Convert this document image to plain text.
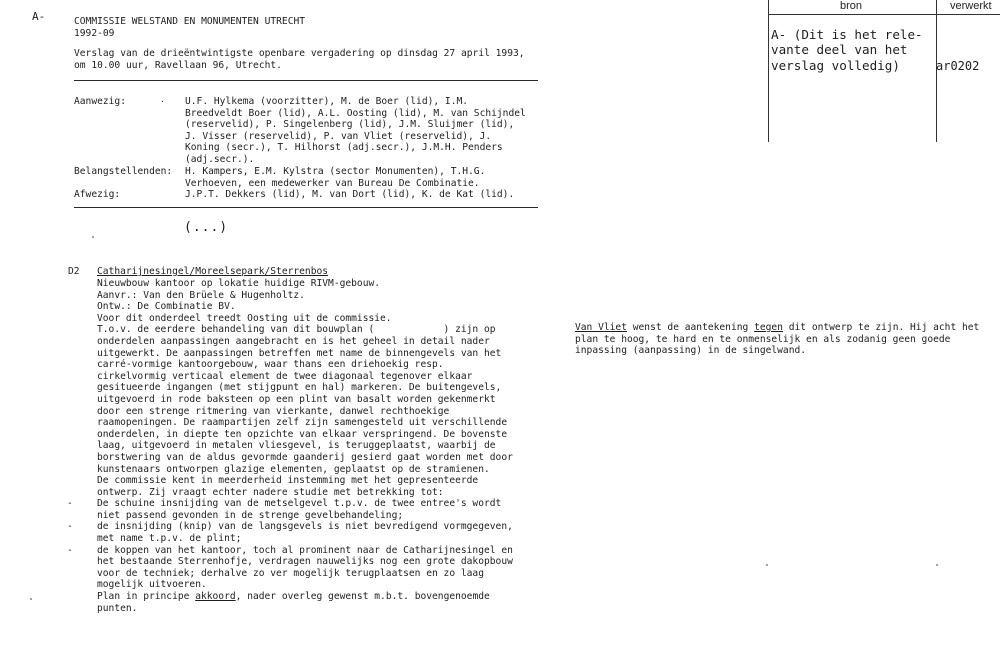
A-	COMMISSIE WELSTAND EN MONUMENTEN UTRECHT
1992-09
Verslag van de drieëntwintigste openbare vergadering op dinsdag 27 april 1993,
om 10.00 uur, Ravellaan 96, Utrecht.
Aanwezig:	. U.F. Hylkema (voorzitter), M. de Boer (lid), I.M.
Breedveldt Boer (lid), A.L. Oosting (lid), M. van Schijndel
(reservelid), P. Singelenberg (lid), J.M. Sluijmer (lid),
J. Visser (reservelid), P. van Vliet (reservelid), J.
Koning (secr.), T. Hilhorst (adj.secr.), J.M.H. Penders
(adj.secr.).
Belangstellenden: H. Kampers, E.M. Kylstra (sector Monumenten), T.H.G.
Verhoeven, een medewerker van Bureau De Combinatie.
Afwezig:	J.P.T. Dekkers (lid), M. van Dort (lid), K. de Kat (lid).
(...)
D2 Catharijnesingel/Moreelsepark/Sterrenbos
Nieuwbouw kantoor op lokatie huidige RIVM-gebouw.
Aanvr.: Van den Brüele & Hugenholtz.
Ontw.: De Combinatie BV.
Voor dit onderdeel treedt Oosting uit de commissie.
T.o.v. de eerdere behandeling van dit bouwplan (            ) zijn op
onderdelen aanpassingen aangebracht en is het geheel in detail nader
uitgewerkt. De aanpassingen betreffen met name de binnengevels van het
carré-vormige kantoorgebouw, waar thans een driehoekig resp.
cirkelvormig verticaal element de twee diagonaal tegenover elkaar
gesitueerde ingangen (met stijgpunt en hal) markeren. De buitengevels,
uitgevoerd in rode baksteen op een plint van basalt worden gekenmerkt
door een strenge ritmering van vierkante, danwel rechthoekige
raamopeningen. De raampartijen zelf zijn samengesteld uit verschillende
onderdelen, in diepte ten opzichte van elkaar verspringend. De bovenste
laag, uitgevoerd in metalen vliesgevel, is teruggeplaatst, waarbij de
borstwering van de aldus gevormde gaanderij gesierd gaat worden met door
kunstenaars ontworpen glazige elementen, geplaatst op de stramienen.
De commissie kent in meerderheid instemming met het gepresenteerde
ontwerp. Zij vraagt echter nadere studie met betrekking tot:
-	De schuine insnijding van de metselgevel t.p.v. de twee entree's wordt
niet passend gevonden in de strenge gevelbehandeling;
-	de insnijding (knip) van de langsgevels is niet bevredigend vormgegeven,
met name t.p.v. de plint;
-	de koppen van het kantoor, toch al prominent naar de Catharijnesingel en
het bestaande Sterrenhofje, verdragen nauwelijks nog een grote dakopbouw
voor de techniek; derhalve zo ver mogelijk terugplaatsen en zo laag
mogelijk uitvoeren.
Plan in principe akkoord, nader overleg gewenst m.b.t. bovengenoemde
punten.
Van Vliet wenst de aantekening tegen dit ontwerp te zijn. Hij acht het
plan te hoog, te hard en te onmenselijk en als zodanig geen goede
inpassing (aanpassing) in de singelwand.
bron	verwerkt
A- (Dit is het rele-
vante deel van het
verslag volledig)	ar0202
